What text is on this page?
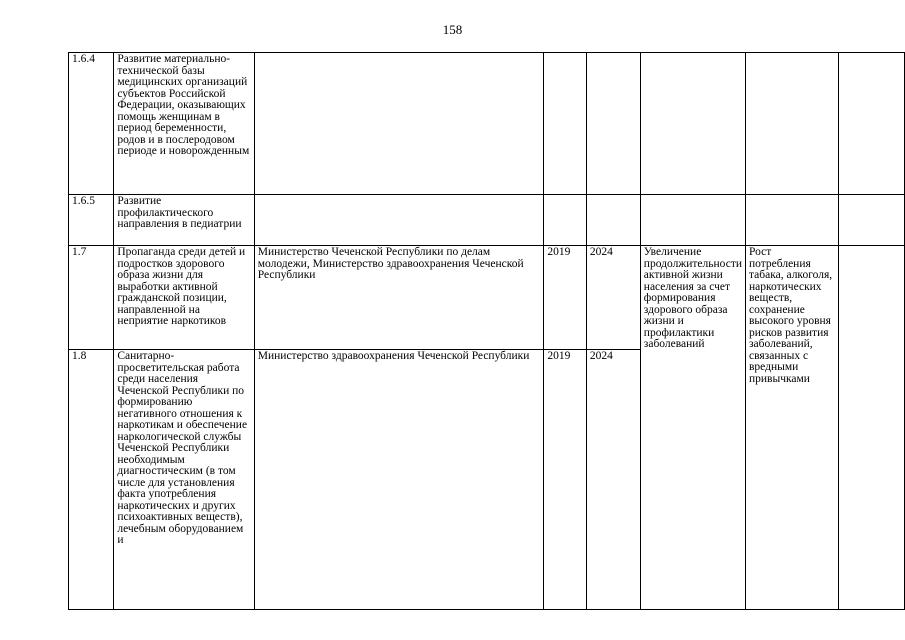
158
1.6.4	Развитие материально-технической базы медицинских организаций субъектов Российской Федерации, оказывающих помощь женщинам в период беременности, родов и в послеродовом периоде и новорожденным						
1.6.5	Развитие профилактического направления в педиатрии						
1.7	Пропаганда среди детей и подростков здорового образа жизни для выработки активной гражданской позиции, направленной на неприятие наркотиков	Министерство Чеченской Республики по делам молодежи, Министерство здравоохранения Чеченской Республики	2019	2024	Увеличение продолжительности активной жизни населения за счет формирования здорового образа жизни и профилактики заболеваний	Рост потребления табака, алкоголя, наркотических веществ, сохранение высокого уровня рисков развития заболеваний, связанных с вредными привычками	
1.8	Санитарно-просветительская работа среди населения Чеченской Республики по формированию негативного отношения к наркотикам и обеспечение наркологической службы Чеченской Республики необходимым диагностическим (в том числе для установления факта употребления наркотических и других психоактивных веществ), лечебным оборудованием и	Министерство здравоохранения Чеченской Республики	2019	2024			
